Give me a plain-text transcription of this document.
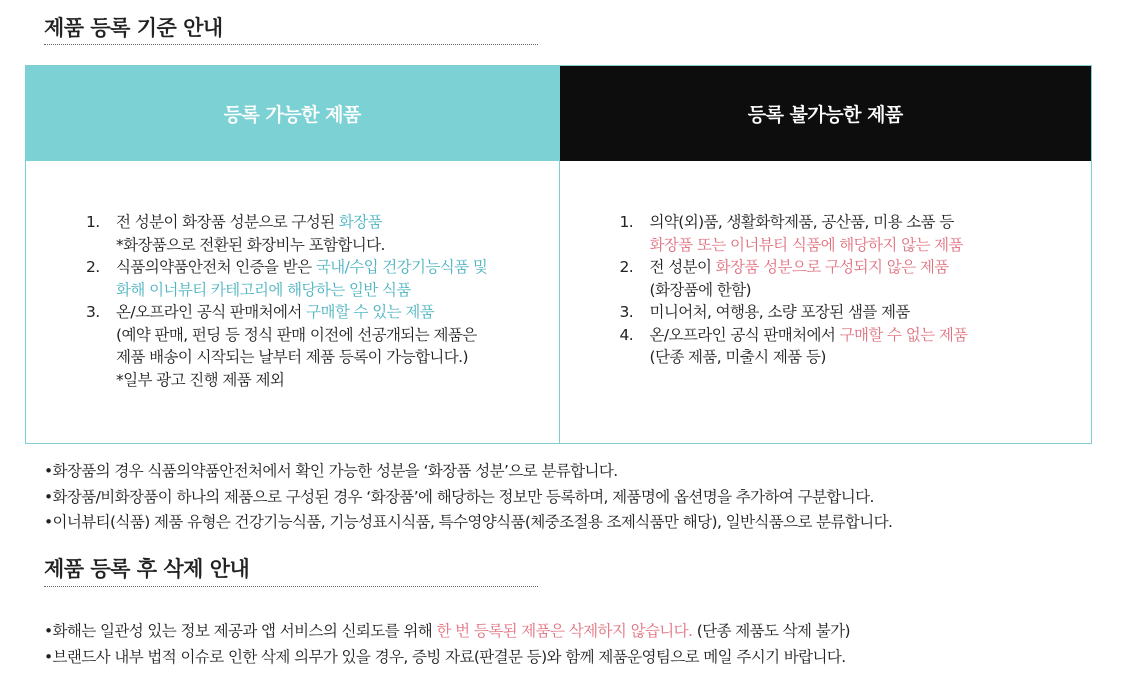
제품 등록 기준 안내
등록 가능한 제품
1.	전 성분이 화장품 성분으로 구성된 화장품
*화장품으로 전환된 화장비누 포함합니다.
2.	식품의약품안전처 인증을 받은 국내/수입 건강기능식품 및
화해 이너뷰티 카테고리에 해당하는 일반 식품
3.	온/오프라인 공식 판매처에서 구매할 수 있는 제품
(예약 판매, 펀딩 등 정식 판매 이전에 선공개되는 제품은
제품 배송이 시작되는 날부터 제품 등록이 가능합니다.)
*일부 광고 진행 제품 제외
등록 불가능한 제품
1.	의약(외)품, 생활화학제품, 공산품, 미용 소품 등
화장품 또는 이너뷰티 식품에 해당하지 않는 제품
2.	전 성분이 화장품 성분으로 구성되지 않은 제품
(화장품에 한함)
3.	미니어처, 여행용, 소량 포장된 샘플 제품
4.	온/오프라인 공식 판매처에서 구매할 수 없는 제품
(단종 제품, 미출시 제품 등)
•화장품의 경우 식품의약품안전처에서 확인 가능한 성분을 ‘화장품 성분’으로 분류합니다.
•화장품/비화장품이 하나의 제품으로 구성된 경우 ‘화장품’에 해당하는 정보만 등록하며, 제품명에 옵션명을 추가하여 구분합니다.
•이너뷰티(식품) 제품 유형은 건강기능식품, 기능성표시식품, 특수영양식품(체중조절용 조제식품만 해당), 일반식품으로 분류합니다.
제품 등록 후 삭제 안내
•화해는 일관성 있는 정보 제공과 앱 서비스의 신뢰도를 위해 한 번 등록된 제품은 삭제하지 않습니다. (단종 제품도 삭제 불가)
•브랜드사 내부 법적 이슈로 인한 삭제 의무가 있을 경우, 증빙 자료(판결문 등)와 함께 제품운영팀으로 메일 주시기 바랍니다.
